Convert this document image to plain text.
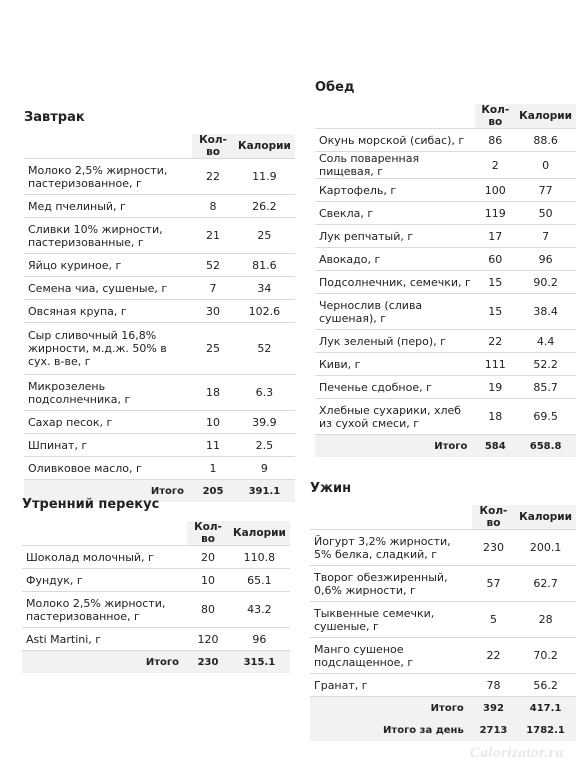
Завтрак
	Кол-во	Калории
Молоко 2,5% жирности, пастеризованное, г	22	11.9
Мед пчелиный, г	8	26.2
Сливки 10% жирности, пастеризованные, г	21	25
Яйцо куриное, г	52	81.6
Семена чиа, сушеные, г	7	34
Овсяная крупа, г	30	102.6
Сыр сливочный 16,8% жирности, м.д.ж. 50% в сух. в-ве, г	25	52
Микрозелень подсолнечника, г	18	6.3
Сахар песок, г	10	39.9
Шпинат, г	11	2.5
Оливковое масло, г	1	9
Итого	205	391.1
Утренний перекус
	Кол-во	Калории
Шоколад молочный, г	20	110.8
Фундук, г	10	65.1
Молоко 2,5% жирности, пастеризованное, г	80	43.2
Asti Martini, г	120	96
Итого	230	315.1
Обед
	Кол-во	Калории
Окунь морской (сибас), г	86	88.6
Соль поваренная пищевая, г	2	0
Картофель, г	100	77
Свекла, г	119	50
Лук репчатый, г	17	7
Авокадо, г	60	96
Подсолнечник, семечки, г	15	90.2
Чернослив (слива сушеная), г	15	38.4
Лук зеленый (перо), г	22	4.4
Киви, г	111	52.2
Печенье сдобное, г	19	85.7
Хлебные сухарики, хлеб из сухой смеси, г	18	69.5
Итого	584	658.8
Ужин
	Кол-во	Калории
Йогурт 3,2% жирности, 5% белка, сладкий, г	230	200.1
Творог обезжиренный, 0,6% жирности, г	57	62.7
Тыквенные семечки, сушеные, г	5	28
Манго сушеное подслащенное, г	22	70.2
Гранат, г	78	56.2
Итого	392	417.1
Итого за день	2713	1782.1
Calorizator.ru
